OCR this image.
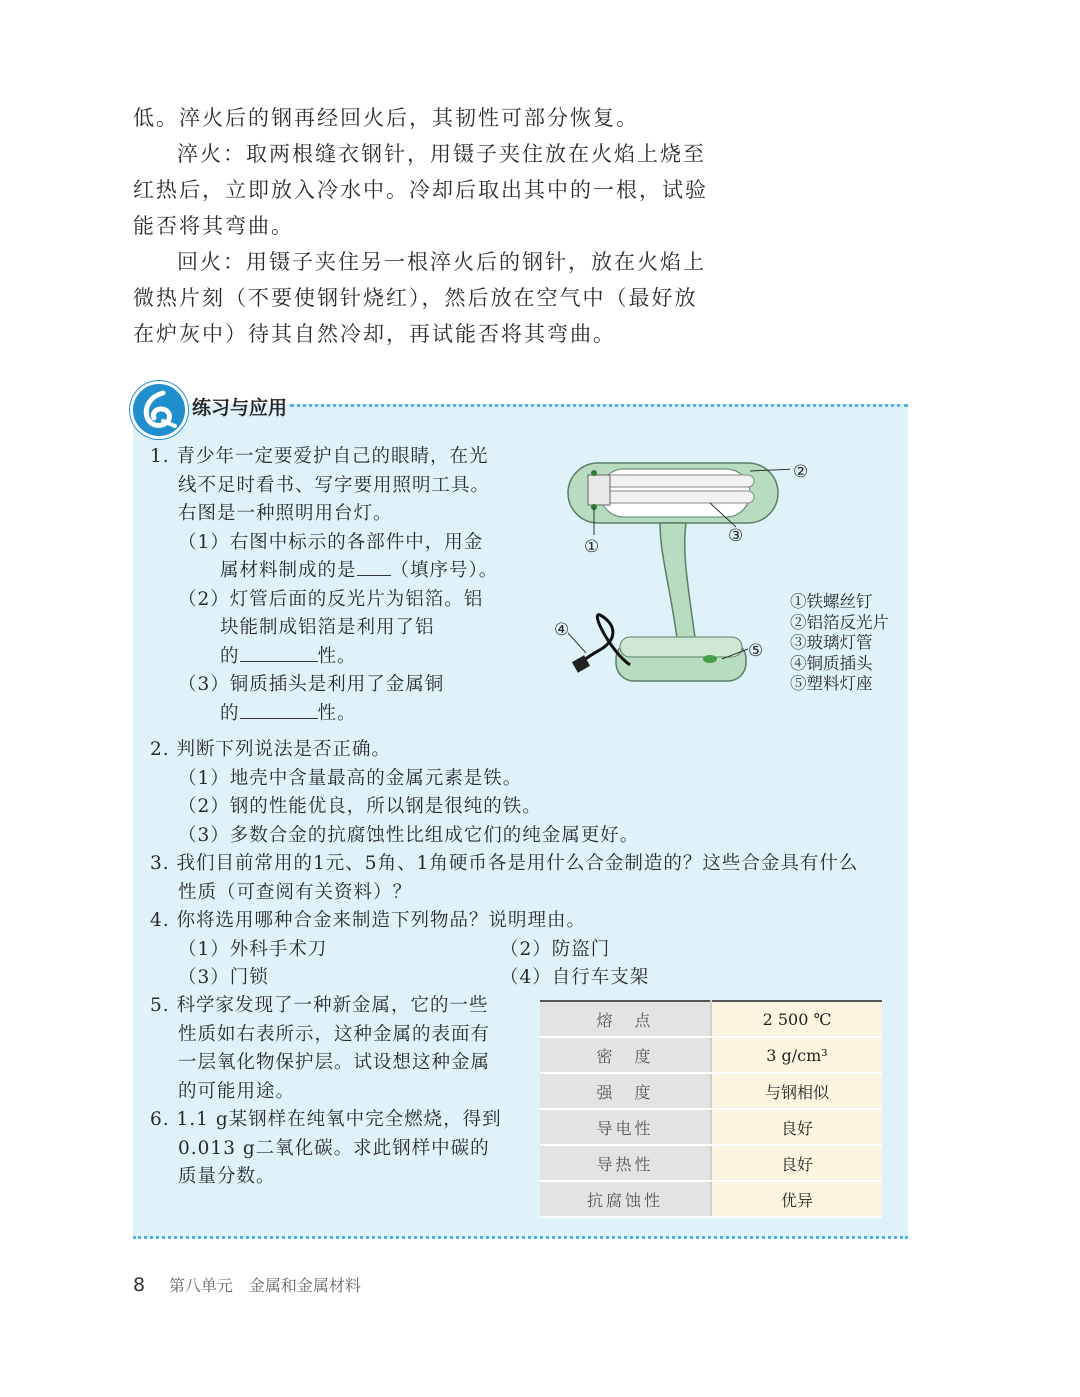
低。淬火后的钢再经回火后，其韧性可部分恢复。

淬火：取两根缝衣钢针，用镊子夹住放在火焰上烧至红热后，立即放入冷水中。冷却后取出其中的一根，试验能否将其弯曲。

回火：用镊子夹住另一根淬火后的钢针，放在火焰上微热片刻（不要使钢针烧红），然后放在空气中（最好放在炉灰中）待其自然冷却，再试能否将其弯曲。

练习与应用

1. 青少年一定要爱护自己的眼睛，在光

线不足时看书、写字要用照明工具。

右图是一种照明用台灯。

（1）右图中标示的各部件中，用金

属材料制成的是 （填序号）。

（2）灯管后面的反光片为铝箔。铝

块能制成铝箔是利用了铝

的	性。

（3）铜质插头是利用了金属铜

的	性。

②
③
①
④
⑤
①铁螺丝钉
②铝箔反光片
③玻璃灯管
④铜质插头
⑤塑料灯座

2. 判断下列说法是否正确。

（1）地壳中含量最高的金属元素是铁。

（2）钢的性能优良，所以钢是很纯的铁。

（3）多数合金的抗腐蚀性比组成它们的纯金属更好。

3. 我们目前常用的1元、5角、1角硬币各是用什么合金制造的？这些合金具有什么

性质（可查阅有关资料）？

4. 你将选用哪种合金来制造下列物品？说明理由。

（1）外科手术刀	（2）防盗门

（3）门锁	（4）自行车支架

5. 科学家发现了一种新金属，它的一些

性质如右表所示，这种金属的表面有

一层氧化物保护层。试设想这种金属

的可能用途。

6. 1.1 g某钢样在纯氧中完全燃烧，得到

0.013 g二氧化碳。求此钢样中碳的

质量分数。

熔　点	2 500 ℃
密　度	3 g/cm³
强　度	与钢相似
导电性	良好
导热性	良好
抗腐蚀性	优异
8 第八单元　金属和金属材料
